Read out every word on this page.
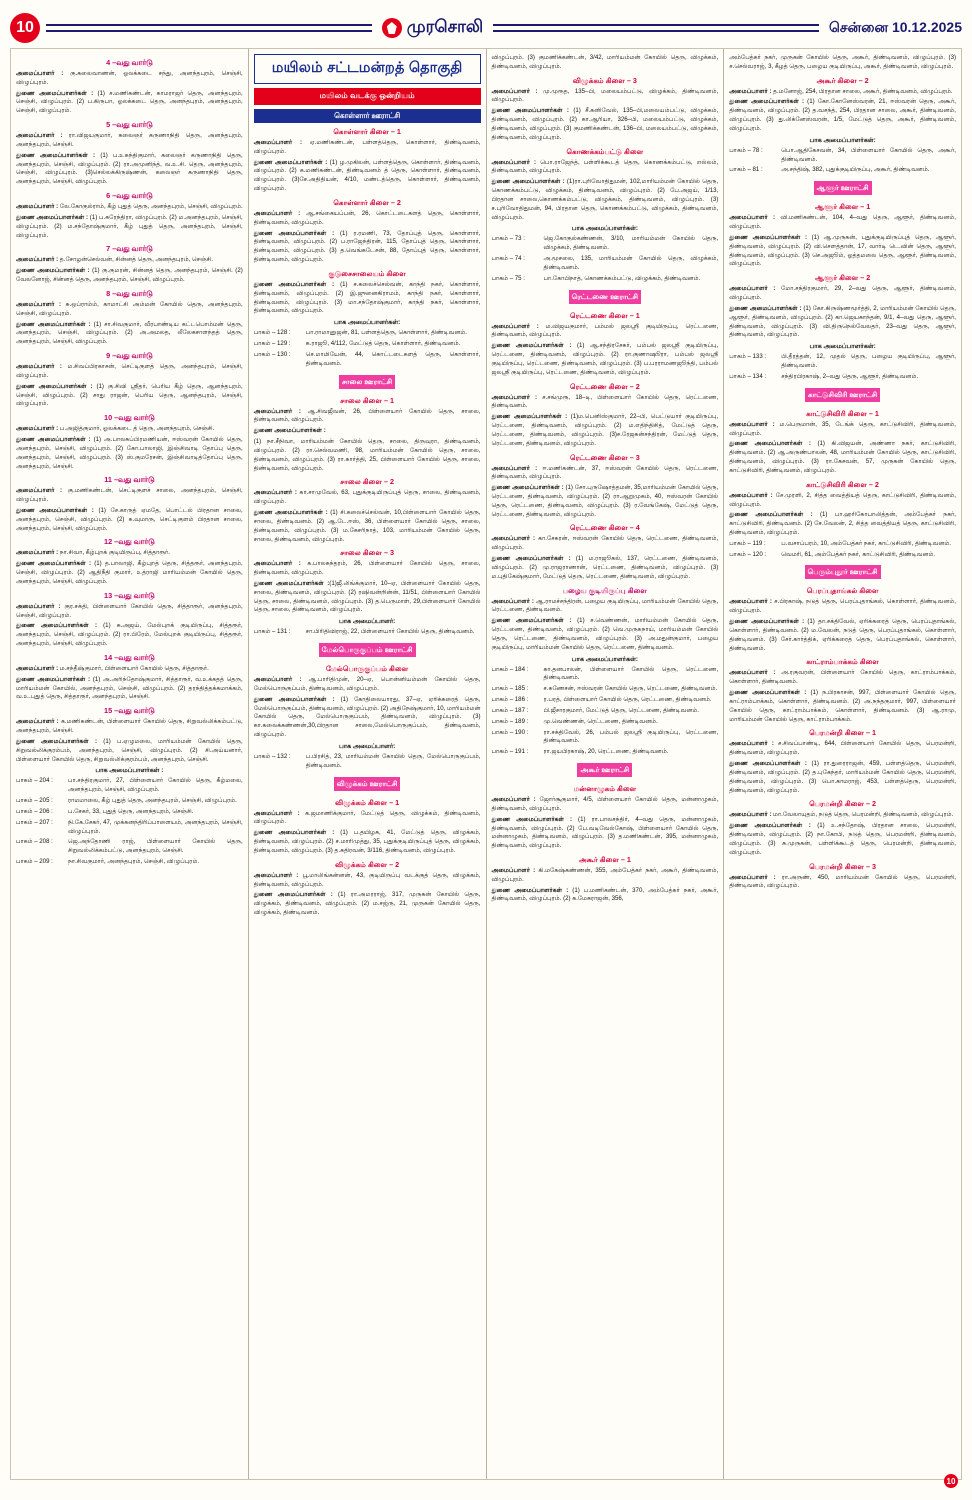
10	முரசொலி	சென்னை 10.12.2025
4 –வது வார்டு

அமைப்பாளர் : கு.கலைவாணன், ஓலக்கடை சந்து, அனந்தபுரம், செஞ்சி, விழுப்புரம்.

துணை அமைப்பாளர்கள் : (1) ச.மணிகண்டன், காமராஜர் தெரு, அனந்தபுரம், செஞ்சி, விழுப்புரம். (2) ப.கிருபா, ஓலக்கடை தெரு, அனந்தபுரம், அனந்தபுரம், செஞ்சி, விழுப்புரம்.

5 –வது வார்டு

அமைப்பாளர் : ரா.விஜயகுமார், கலைஞர் கருணாநிதி தெரு, அனந்தபுரம், அனந்தபுரம், செஞ்சி.

துணை அமைப்பாளர்கள் : (1) ப.உசுந்திகுமார், கலைஞர் கருணாநிதி தெரு, அனந்தபுரம், செஞ்சி, விழுப்புரம். (2) ரா.அமுனிந்த், வ.உ.சி. தெரு, அனந்தபுரம், செஞ்சி, விழுப்புரம். (3)செல்லக்கிருஷ்ணன், கலைஞர் கருணாநிதி தெரு, அனந்தபுரம், செஞ்சி, விழுப்புரம்.

6 –வது வார்டு

அமைப்பாளர் : லே.கோகுல்ராம், கீழ் புதுத் தெரு, அனந்தபுரம், செஞ்சி, விழுப்புரம்.

துணை அமைப்பாளர்கள் : (1) ப.சுரேந்திரா, விழுப்புரம். (2) ம.அனந்தபுரம், செஞ்சி, விழுப்புரம். (2) ம.சந்தோஷ்குமார், கீழ் புதுத் தெரு, அனந்தபுரம், செஞ்சி, விழுப்புரம்.

7 –வது வார்டு

அமைப்பாளர் : த.சோழன்செல்வன், சின்னத் தெரு, அனந்தபுரம், செஞ்சி.

துணை அமைப்பாளர்கள் : (1) கு.குமரன், சின்னத் தெரு, அனந்தபுரம், செஞ்சி. (2) வேலனோஜ், சின்னத் தெரு, அனந்தபுரம், செஞ்சி, விழுப்புரம்.

8 –வது வார்டு

அமைப்பாளர் : சு.ஒப்ராம்ம், காமாட்சி அம்மன் கோயில் தெரு, அனந்தபுரம், செஞ்சி, விழுப்புரம்.

துணை அமைப்பாளர்கள் : (1) சா.சிவகுமார், வீரபாண்டிய கட்டபொம்மன் தெரு, அனந்தபுரம், செஞ்சி, விழுப்புரம். (2) அ.அமலத, லீலேகசாளந்தத் தெரு, அனந்தபுரம், செஞ்சி, விழுப்புரம்.

9 –வது வார்டு

அமைப்பாளர் : ம.சிவப்பிரகாசன், செட்டிகுளத் தெரு, அனந்தபுரம், செஞ்சி, விழுப்புரம்.

துணை அமைப்பாளர்கள் : (1) கு.சிவி ஸ்ரீதர், பெரிய கீழ் தெரு, ஆனந்தபுரம், செஞ்சி, விழுப்புரம். (2) சாது ராஜன், பெரிய தெரு, ஆனந்தபுரம், செஞ்சி, விழுப்புரம்.

10 –வது வார்டு

அமைப்பாளர் : ப.அஜித்குமார், ஓலக்கடை த் தெரு, அனந்தபுரம், செஞ்சி.

துணை அமைப்பாளர்கள் : (1) அ.பாலசுப்பிரமணியன், ஈஸ்வரன் கோயில் தெரு, அனந்தபுரம், செஞ்சி, விழுப்புரம். (2) கோ.பாலாஜி, இஞ்சிவாடி தோப்பு தெரு, அனந்தபுரம், செஞ்சி, விழுப்புரம். (3) ஸ்.குமரேசன், இஞ்சிவாடித்தோப்பு தெரு, அனந்தபுரம், செஞ்சி.

11 –வது வார்டு

அமைப்பாளர் : கு.மணிகண்டன், செட்டிகுளச் சாலை, அனந்தபுரம், செஞ்சி, விழுப்புரம்.

துணை அமைப்பாளர்கள் : (1) சே.காருத் ஏமதே, பொட்டல் பிரதான சாலை, அனந்தபுரம், செஞ்சி, விழுப்புரம். (2) க.வுமாரு, செட்டிகுளம் பிரதான சாலை, அனந்தபுரம், செஞ்சி, விழுப்புரம்.

12 –வது வார்டு

அமைப்பாளர் : நா.சிவா, கீழ்புறக் குடியிருப்பு, சித்தாரூர்.

துணை அமைப்பாளர்கள் : (1) த.பாலாஜி, கீழ்புறத் தெரு, சித்தரூர், அனந்தபுரம், செஞ்சி, விழுப்புரம். (2) ஆதிநீதி குமார், உத்ராஜி மாரியம்மன் கோயில் தெரு, அனந்தபுரம், செஞ்சி, விழுப்புரம்.

13 –வது வார்டு

அமைப்பாளர் : குர.சக்தி, பிள்ளையார் கோயில் தெரு, சித்தாரூர், அனந்தபுரம், செஞ்சி, விழுப்புரம்.

துணை அமைப்பாளர்கள் : (1) க.அஜய், மேல்புறக் குடியிருப்பு, சித்தரூர், அனந்தபுரம், செஞ்சி, விழுப்புரம். (2) ரா.பிரேம், மேல்புறக் குடியிருப்பு, சித்தரூர், அனந்தபுரம், செஞ்சி, விழுப்புரம்.

14 –வது வார்டு

அமைப்பாளர் : ம.சந்தீஷ்குமார், பிள்ளையார் கோயில் தெரு, சித்தாரூர்.

துணை அமைப்பாளர்கள் : (1) அ.அரிந்தோஷ்குமார், சித்தாரூர், வ.உக்கதத் தெரு, மாரியம்மன் கோயில், அனந்தபுரம், செஞ்சி, விழுப்புரம். (2) தரந்தித்தக்கமாக்கம், வ.உ.புதுத் தெரு, சித்தாரூர், அனந்தபுரம், செஞ்சி.

15 –வது வார்டு

அமைப்பாளர் : க.மணிகண்டன், பிள்ளையார் கோயில் தெரு, சிறுவல்லிக்கம்பட்டு, அனந்தபுரம், செஞ்சி.

துணை அமைப்பாளர்கள் : (1) ப.ஏழுமலை, மாரியம்மன் கோயில் தெரு, சிறுவல்லிக்குரம்பம், அனந்தபுரம், செஞ்சி, விழுப்புரம். (2) சி.அய்யனார், பிள்ளையார் கோயில் தெரு, சிறுவல்லிக்குரம்பம், அனந்தபுரம், செஞ்சி.

பாக அமைப்பாளர்கள் :
பாகம் – 204 :	பா.சந்திரகுமார், 27, பிள்ளையார் கோயில் தெரு, கீழ்மலை, அனந்தபுரம், செஞ்சி, விழுப்புரம்.
பாகம் – 205 :	ராமமாலை, கீழ் புதுத் தெரு, அனந்தபுரம், செஞ்சி, விழுப்புரம்.
பாகம் – 206 :	ப.சேகர், 33, புதுத் தெரு, அனந்தபுரம், செஞ்சி.
பாகம் – 207 :	நி.கே.சேகர், 47, முக்கனந்திரிப்பாளையம், அனந்தபுரம், செஞ்சி, விழுப்புரம்.
பாகம் – 208 :	ஜெ.அந்தோணி ராஜ், பிள்ளையார் கோயில் தெரு, சிறுவல்லிக்கம்பட்டு, அனந்தபுரம், செஞ்சி.
பாகம் – 209 :	நா.சிவகுமார், அனந்தபுரம், செஞ்சி, விழுப்புரம்.
மயிலம் சட்டமன்றத் தொகுதி
மயிலம் வடக்கு ஒன்றியம்
கொள்ளார் ஊராட்சி
கொள்ளார் கிளை – 1

அமைப்பாளர் : ஏ.மணிகண்டன், பள்ளத்தெரு, கொள்ளார், திண்டிவனம், விழுப்புரம்.

துணை அமைப்பாளர்கள் : (1) ழ.முகிலன், பள்ளத்தெரு, கொள்ளார், திண்டிவனம், விழுப்புரம். (2) க.மணிகண்டன், திண்டிவனம் த் தெரு, கொள்ளார், திண்டிவனம், விழுப்புரம். (3)சே.அதிதியன், 4/10, மண்டத்தெரு, கொள்ளார், திண்டிவனம், விழுப்புரம்.

கொள்ளார் கிளை – 2

அமைப்பாளர் : ஆ.சங்கையப்பன், 26, கொட்டடைகளத் தெரு, கொள்ளார், திண்டிவனம், விழுப்புரம்.

துணை அமைப்பாளர்கள் : (1) ர.ரமணி, 73, தோப்புத் தெரு, கொள்ளார், திண்டிவனம், விழுப்புரம். (2) ப.ராஜேந்திரன், 115, தோப்புத் தெரு, கொள்ளார், திண்டிவனம், விழுப்புரம். (3) த.வெங்கடேசன், 88, தோப்புத் தெரு, கொள்ளார், திண்டிவனம், விழுப்புரம்.

குடுசைசாலையம் கிளை

துணை அமைப்பாளர்கள் : (1) ச.கலைச்செல்வன், காந்தி நகர், கொள்ளார், திண்டிவனம், விழுப்புரம். (2) இ.ஜுனைகிராமம், காந்தி நகர், கொள்ளார், திண்டிவனம், விழுப்புரம். (3) மா.சந்தோஷ்குமார், காந்தி நகர், கொள்ளார், திண்டிவனம், விழுப்புரம்.

பாக அமைப்பாளர்கள்:
பாகம் – 128 :	பா.ராமானுஜன், 81, பள்ளத்தெரு, கொள்ளார், திண்டிவனம்.
பாகம் – 129 :	க.ராஜூ, 4/112, மேட்டுத் தெரு, கொள்ளார், திண்டிவனம்.
பாகம் – 130 :	செ.மாமியேன், 44, கொட்டடைகளத் தெரு, கொள்ளார், திண்டிவனம்.
சாலை ஊராட்சி
சாலை கிளை – 1

அமைப்பாளர் : ஆ.சிவஜீவன், 26, பிள்ளையார் கோயில் தெரு, சாலை, திண்டிவனம், விழுப்புரம்.

துணை அமைப்பாளர்கள் :

(1) நா.சீநிவா, மாரியம்மன் கோயில் தெரு, சாலை, திருவுரா, திண்டிவனம், விழுப்புரம். (2) ரா.செல்வமணி, 98, மாரியம்மன் கோயில் தெரு, சாலை, திண்டிவனம், விழுப்புரம். (3) ரா.கார்த்தி, 25, பிள்ளையார் கோயில் தெரு, சாலை, திண்டிவனம், விழுப்புரம்.

சாலை கிளை – 2

அமைப்பாளர் : கா.சாமுவேல், 63, புதுக்குடியிருப்புத் தெரு, சாலை, திண்டிவனம், விழுப்புரம்.

துணை அமைப்பாளர்கள் : (1) சி.கலைச்செல்வன், 10,பிள்ளையார் கோயில் தெரு, சாலை, திண்டிவனம். (2) ஆ.டே.ஈஸ், 36, பிள்ளையார் கோயில் தெரு, சாலை, திண்டிவனம், விழுப்புரம். (3) ம.கேசரிநாத், 103, மாரியம்மன் கோயில் தெரு, சாலை, திண்டிவனம், விழுப்புரம்.

சாலை கிளை – 3

அமைப்பாளர் : க.பாலசுந்தரம், 26, பிள்ளையார் கோயில் தெரு, சாலை, திண்டிவனம், விழுப்புரம்.

துணை அமைப்பாளர்கள் :(1)ஜீ.லிங்க்குமார், 10–ஏ, பிள்ளையார் கோயில் தெரு, சாலை, திண்டிவனம், விழுப்புரம். (2) ரஷிவன்றின்ன், 11/51, பிள்ளையார் கோயில் தெரு, சாலை, திண்டிவனம், விழுப்புரம். (3) த.பெருமாள், 29,பிள்ளையார் கோயில் தெரு, சாலை, திண்டிவனம், விழுப்புரம்.

பாக அமைப்பாளர்:
பாகம் – 131 :	சா.பிரிதிவிராஜ், 22, பிள்ளையார் கோயில் தெரு, திண்டிவனம்.
மேல்பொருகுப்பம் ஊராட்சி
மேல்பொருகுப்பம் கிளை

அமைப்பாளர் : ஆ.பாரிதிமுன், 20–ஏ, பொன்னியம்மன் கோயில் தெரு, மேல்பொருகுப்பம், திண்டிவனம், விழுப்புரம்.

துணை அமைப்பாளர்கள் : (1) கோதிலையாரது, 37–ஏ, ஏரிக்கரைத் தெரு, மேல்பொருகுப்பம், திண்டிவனம், விழுப்புரம். (2) அதிநேஷ்குமார், 10, மாரியம்மன் கோயில் தெரு, மேல்பொருகுப்பம், திண்டிவனம், விழுப்புரம். (3) கா.கலைக்கண்ணன்,30,பிரதான சாலை,மேல்பொருகுப்பம், திண்டிவனம், விழுப்புரம்.

பாக அமைப்பாளர்:
பாகம் – 132 :	ப.பிரசித், 23, மாரியம்மன் கோயில் தெரு, மேல்பொருகுப்பம், திண்டிவனம்.
விழுக்கம் ஊராட்சி
விழுக்கம் கிளை – 1

அமைப்பாளர் : க.ஜமாணிக்குமார், மேட்டுத் தெரு, விழுக்கம், திண்டிவனம், விழுப்புரம்.

துணை அமைப்பாளர்கள் : (1) ப.தயிழசு, 41, மேட்டுத் தெரு, விழுக்கம், திண்டிவனம், விழுப்புரம். (2) ச.மாரிமுத்து, 35, புதுக்குடியிருப்புத் தெரு, விழுக்கம், திண்டிவனம், விழுப்புரம். (3) த.கதிரவன், 3/116, திண்டிவனம், விழுப்புரம்.

விழுக்கம் கிளை – 2

அமைப்பாளர் : பூ.மாலிங்கன்னன், 43, குடியிருப்பு வடக்குத் தெரு, விழுக்கம், திண்டிவனம், விழுப்புரம்.

துணை அமைப்பாளர்கள் : (1) ரா.அமரராஜ், 317, முருகன் கோயில் தெரு, விழுக்கம், திண்டிவனம், விழுப்புரம். (2) ம.சஜ்ரு, 21, முருகன் கோயில் தெரு, விழுக்கம், திண்டிவனம்.

விழுப்புரம். (3) குமணிக்கண்டன், 3/42, மாரியம்மன் கோயில் தெரு, விழுக்கம், திண்டிவனம், விழுப்புரம்.

விழுக்கம் கிளை – 3

அமைப்பாளர் : மு.முரூத, 135–பி, மலையம்பட்டு, விழுக்கம், திண்டிவனம், விழுப்புரம்.

துணை அமைப்பாளர்கள் : (1) சீ.கனிவேல், 135–பி,மலையம்பட்டு, விழுக்கம், திண்டிவனம், விழுப்புரம். (2) கா.ஆரியா, 326–பி, மலையம்பட்டு, விழுக்கம், திண்டிவனம், விழுப்புரம். (3) குமணிக்கண்டன், 136–பி, மலையம்பட்டு, விழுக்கம், திண்டிவனம், விழுப்புரம்.

கொணக்கம்பட்டு கிளை

அமைப்பாளர் : பொ.ராஜேந்த், பள்ளிக்கூடத் தெரு, கொணக்கம்பட்டு, எல்லம், திண்டிவனம், விழுப்புரம்.

துணை அமைப்பாளர்கள் : (1)ரா.புரிவோதிதுமன், 102,மாரியம்மன் கோயில் தெரு, கொணக்கம்பட்டு, விழுக்கம், திண்டிவனம், விழுப்புரம். (2) பே.அஜய், 1/13, பிரதான சாலை,கொணக்கம்பட்டு, விழுக்கம், திண்டிவனம், விழுப்புரம். (3) ச.புரிவோதிதுமன், 94, பிரதான தெரு, கொணக்கம்பட்டு, விழுக்கம், திண்டிவனம், விழுப்புரம்.

பாக அமைப்பாளர்கள்:
பாகம் – 73 :	ஜெ.கோகுல்கண்ணன், 3/10, மாரியம்மன் கோயில் தெரு, விழுக்கம், திண்டிவனம்.
பாகம் – 74 :	அ.மூசலை, 135, மாரியம்மன் கோயில் தெரு, விழுக்கம், திண்டிவனம்.
பாகம் – 75 :	பா.கோபிநாத், கொணக்கம்பட்டு, விழுக்கம், திண்டிவனம்.
ரெட்டணை ஊராட்சி
ரெட்டணை கிளை – 1

அமைப்பாளர் : ம.விஜயகுமார், பம்மல் ஜலஸ்ரீ குடியிருப்பு, ரெட்டணை, திண்டிவனம், விழுப்புரம்.

துணை அமைப்பாளர்கள் : (1) ஆ.சந்திரசேகர், பம்பல் ஜலஸ்ரீ குடியிருப்பு, ரெட்டணை, திண்டிவனம், விழுப்புரம். (2) ரா.குணாஷூரா, பம்பல் ஜலஸ்ரீ குடியிருப்பு, ரெட்டணை, திண்டிவனம், விழுப்புரம். (3) ப.பரராமணஜூந்தி, பம்பல் ஜலஸ்ரீ குடியிருப்பு, ரெட்டணை, திண்டிவனம், விழுப்புரம்.

ரெட்டணை கிளை – 2

அமைப்பாளர் : ச.சங்முரூ, 18–டி, பிள்ளையார் கோயில் தெரு, ரெட்டணை, திண்டிவனம்.

துணை அமைப்பாளர்கள் : (1)ம.பெனிஸ்குமார், 22–பி, பெட்டுயார் குடியிருப்பு, ரெட்டணை, திண்டிவனம், விழுப்புரம். (2) ம.எதிந்திசித், மேட்டுத் தெரு, ரெட்டணை, திண்டிவனம், விழுப்புரம். (3)ச.ரேஜகன்சந்திரன், மேட்டுத் தெரு, ரெட்டணை, திண்டிவனம், விழுப்புரம்.

ரெட்டணை கிளை – 3

அமைப்பாளர் : ஈ.மணிகண்டன், 37, ஈஸ்வரன் கோயில் தெரு, ரெட்டணை, திண்டிவனம், விழுப்புரம்.

துணை அமைப்பாளர்கள் : (1) சோ.புருஷோத்தமன், 35,மாரியம்மன் கோயில் தெரு, ரெட்டணை, திண்டிவனம், விழுப்புரம். (2) ரா.ஆறுமுகம், 40, ஈஸ்வரன் கோயில் தெரு, ரெட்டணை, திண்டிவனம், விழுப்புரம். (3) ர.வேங்கேஷ், மேட்டுத் தெரு, ரெட்டணை, திண்டிவனம், விழுப்புரம்.

ரெட்டணை கிளை – 4

அமைப்பாளர் : கா.சேகரன், ஈஸ்வரன் கோயில் தெரு, ரெட்டணை, திண்டிவனம், விழுப்புரம்.

துணை அமைப்பாளர்கள் : (1) ம.ராஜூகல், 137, ரெட்டணை, திண்டிவனம், விழுப்புரம். (2) மு.ராஜராணான், ரெட்டணை, திண்டிவனம், விழுப்புரம். (3) ம.புதிகேஷ்குமார், மேட்டுத் தெரு, ரெட்டணை, திண்டிவனம், விழுப்புரம்.

பழைய குடியிருப்பு கிளை

அமைப்பாளர் : ஆ.ராமச்சந்திரன், பழைய குடியிருப்பு, மாரியம்மன் கோயில் தெரு, ரெட்டணை, திண்டிவனம்.

துணை அமைப்பாளர்கள் : (1) ச.வெண்ணன், மாரியம்மன் கோயில் தெரு, ரெட்டணை, திண்டிவனம், விழுப்புரம். (2) வெ.முருகநாய், மாரியம்மன் கோயில் தெரு, ரெட்டணை, திண்டிவனம், விழுப்புரம். (3) அ.மதுன்குமார், பழைய குடியிருப்பு, மாரியம்மன் கோயில் தெரு, ரெட்டணை, திண்டிவனம்.

பாக அமைப்பாளர்கள்:
பாகம் – 184 :	கா.தனபாலன், பிள்ளையார் கோயில் தெரு, ரெட்டணை, திண்டிவனம்.
பாகம் – 185 :	ச.கணேசன், ஈஸ்வரன் கோயில் தெரு, ரெட்டணை, திண்டிவனம்.
பாகம் – 186 :	ர.பரத், பிள்ளையார் கோயில் தெரு, ரெட்டணை, திண்டிவனம்.
பாகம் – 187 :	பி.ஜீசாரகுமார், மேட்டுத் தெரு, ரெட்டணை, திண்டிவனம்.
பாகம் – 189 :	மு.வெண்ணன், ரெட்டணை, திண்டிவனம்.
பாகம் – 190 :	ரா.சக்திவேல், 26, பம்பல் ஜலஸ்ரீ குடியிருப்பு, ரெட்டணை, திண்டிவனம்.
பாகம் – 191 :	ரா.ஜயபிரகாஷ், 20, ரெட்டணை, திண்டிவனம்.
அகூர் ஊராட்சி
மன்னாழுகம் கிளை

அமைப்பாளர் : ஜோர்சூகுமார், 4/5, பிள்ளையார் கோயில் தெரு, மன்னாழுகம், திண்டிவனம், விழுப்புரம்.

துணை அமைப்பாளர்கள் : (1) ரா.பாலசந்திர், 4–வது தெரு, மன்னாழுகம், திண்டிவனம், விழுப்புரம். (2) பே.வடிவேல்கோஷ், பிள்ளையார் கோயில் தெரு, மன்னாழுகம், திண்டிவனம், விழுப்புரம். (3) த.மணிகண்டன், 395, மன்னாழுகம், திண்டிவனம், விழுப்புரம்.

அகூர் கிளை – 1

அமைப்பாளர் : கி.மகேஷ்கண்ணன், 355, அம்பேத்கர் நகர், அகூர், திண்டிவனம், விழுப்புரம்.

துணை அமைப்பாளர்கள் : (1) ப.மணிகண்டன், 370, அம்பேத்கர் நகர், அகூர், திண்டிவனம், விழுப்புரம். (2) க.மேகராஜன், 356,

அம்பேத்கர் நகர், முருகன் கோயில் தெரு, அகூர், திண்டிவனம், விழுப்புரம். (3) ச.செல்வராஜ், 3, கீழத் தெரு, பழைய குடியிருப்பு, அகூர், திண்டிவனம், விழுப்புரம்.

அகூர் கிளை – 2

அமைப்பாளர் : த.மனோஜ், 254, பிரதான சாலை, அகூர், திண்டிவனம், விழுப்புரம்.

துணை அமைப்பாளர்கள் : (1) கோ.கோனேஸ்வரன், 21, ஈஸ்வரன் தெரு, அகூர், திண்டிவனம், விழுப்புரம். (2) த.வசந்த், 254, பிரதான சாலை, அகூர், திண்டிவனம், விழுப்புரம். (3) து.லிக்னேஸ்வரன், 1/5, மேட்டுத் தெரு, அகூர், திண்டிவனம், விழுப்புரம்.

பாக அமைப்பாளர்கள்:
பாகம் – 78 :	பொ.ஆதிகேசவன், 34, பிள்ளையார் கோயில் தெரு, அகூர், திண்டிவனம்.
பாகம் – 81 :	அ.சந்திஷ், 382, புதுக்குடியிருப்பு, அகூர், திண்டிவனம்.
ஆளூர் ஊராட்சி
ஆளூர் கிளை – 1

அமைப்பாளர் : வி.மணிகண்டன், 104, 4–வது தெரு, ஆளூர், திண்டிவனம், விழுப்புரம்.

துணை அமைப்பாளர்கள் : (1) ஆ.முருகன், புதுக்குடியிருப்புத் தெரு, ஆளூர், திண்டிவனம், விழுப்புரம். (2) வி.செளத்தான், 17, வார்டி டெ.வின் தெரு, ஆளூர், திண்டிவனம், விழுப்புரம். (3) செ.அஜூம், ஓத்தமலை தெரு, ஆளூர், திண்டிவனம், விழுப்புரம்.

ஆளூர் கிளை – 2

அமைப்பாளர் : மோ.சந்திரகுமார், 29, 2–வது தெரு, ஆளூர், திண்டிவனம், விழுப்புரம்.

துணை அமைப்பாளர்கள் : (1) கோ.கிருஷ்ணமூர்த்தி, 2, மாரியம்மன் கோயில் தெரு, ஆளூர், திண்டிவனம், விழுப்புரம். (2) கா.ஜெயகாந்தன், 9/1, 4–வது தெரு, ஆளூர், திண்டிவனம், விழுப்புரம். (3) வி.திருநெல்வேலதர், 23–வது தெரு, ஆளூர், திண்டிவனம், விழுப்புரம்.

பாக அமைப்பாளர்கள்:
பாகம் – 133 :	பி.தீரத்தன், 12, முதல் தெரு, பழைய குடியிருப்பு, ஆளூர், திண்டிவனம்.
பாகம் – 134 :	சந்திரபிரகாஷ், 2–வது தெரு, ஆளூர், திண்டிவனம்.
காட்டுசிவிரி ஊராட்சி
காட்டுசிவிரி கிளை – 1

அமைப்பாளர் : ம.பெருமான், 35, டேங்க் தெரு, காட்டுசிவிரி, திண்டிவனம், விழுப்புரம்.

துணை அமைப்பாளர்கள் : (1) கி.விஜயன், அண்ணா நகர், காட்டுசிவிரி, திண்டிவனம். (2) ஆ.அருண்பாலன், 48, மாரியம்மன் கோயில் தெரு, காட்டுசிவிரி, திண்டிவனம், விழுப்புரம். (3) ரா.கேசவன், 57, முருகன் கோயில் தெரு, காட்டுசிவிரி, திண்டிவனம், விழுப்புரம்.

காட்டுசிவிரி கிளை – 2

அமைப்பாளர் : சே.முரளி, 2, சித்த வைத்தியத் தெரு, காட்டுசிவிரி, திண்டிவனம், விழுப்புரம்.

துணை அமைப்பாளர்கள் : (1) பா.ஹரிகோபாலித்தன், அம்பேத்கர் நகர், காட்டுசிவிரி, திண்டிவனம். (2) சே.வேலன், 2, சித்த வைத்தியத் தெரு, காட்டுசிவிரி, திண்டிவனம், விழுப்புரம்.

பாகம் – 119 :	ப.வசாப்பரம், 10, அம்பேத்கர் நகர், காட்டுசிவிரி, திண்டிவனம்.
பாகம் – 120 :	வெமரி, 61, அம்பேத்கர் நகர், காட்டுசிவிரி, திண்டிவனம்.
பெரும்புதூர் ஊராட்சி
பெரப்புதாங்கல் கிளை

அமைப்பாளர் : ச.பிரகாஷ், நடுத் தெரு, பெரப்புதாங்கல், கொள்ளார், திண்டிவனம், விழுப்புரம்.

துணை அமைப்பாளர்கள் : (1) தா.சக்திவேல், ஏரிக்கரைத் தெரு, பெரப்புதாங்கல், கொள்ளார், திண்டிவனம். (2) ம.வேலன், நடுத் தெரு, பெரப்புதாங்கல், கொள்ளார், திண்டிவனம். (3) சேர்.கார்த்திக், ஏரிக்கரைத் தெரு, பெரப்புதாங்கல், கொள்ளார், திண்டிவனம்.

காட்ராம்பாக்கம் கிளை

அமைப்பாளர் : அ.ரகுவரன், பிள்ளையார் கோயில் தெரு, காட்ராம்பாக்கம், கொள்ளார், திண்டிவனம்.

துணை அமைப்பாளர்கள் : (1) ந.பிரகாசன், 997, பிள்ளையார் கோயில் தெரு, காட்ராம்பாக்கம், கொள்ளார், திண்டிவனம். (2) அ.நந்தகுமார், 997, பிள்ளையார் கோயில் தெரு, காட்ராம்பாக்கம், கொள்ளார், திண்டிவனம். (3) ஆ.ராமு, மாரியம்மன் கோயில் தெரு, காட்ராம்பாக்கம்.

பெரமன்றி கிளை – 1

அமைப்பாளர் : ச.சிவப்பாண்டி, 644, பிள்ளையார் கோயில் தெரு, பெரமன்றி, திண்டிவனம், விழுப்புரம்.

துணை அமைப்பாளர்கள் : (1) ரா.துரைராஜன், 459, பள்ளத்தெரு, பெரமன்றி, திண்டிவனம், விழுப்புரம். (2) த.புகேந்தர், மாரியம்மன் கோயில் தெரு, பெரமன்றி, திண்டிவனம், விழுப்புரம். (3) பொ.காமராஜ், 453, பள்ளத்தெரு, பெரமன்றி, திண்டிவனம், விழுப்புரம்.

பெரமன்றி கிளை – 2

அமைப்பாளர் : மா.வேலாயுதம், நடுத் தெரு, பெரமன்றி, திண்டிவனம், விழுப்புரம்.

துணை அமைப்பாளர்கள் : (1) உ.சந்தோஷ், பிரதான சாலை, பெரமன்றி, திண்டிவனம், விழுப்புரம். (2) நா.கோபி, நடுத் தெரு, பெரமன்றி, திண்டிவனம், விழுப்புரம். (3) சு.முருகன், பள்ளிக்கூடத் தெரு, பெரமன்றி, திண்டிவனம், விழுப்புரம்.

பெரமன்றி கிளை – 3

அமைப்பாளர் : ரா.அருண், 450, மாரியம்மன் கோயில் தெரு, பெரமன்றி, திண்டிவனம், விழுப்புரம்.

10
